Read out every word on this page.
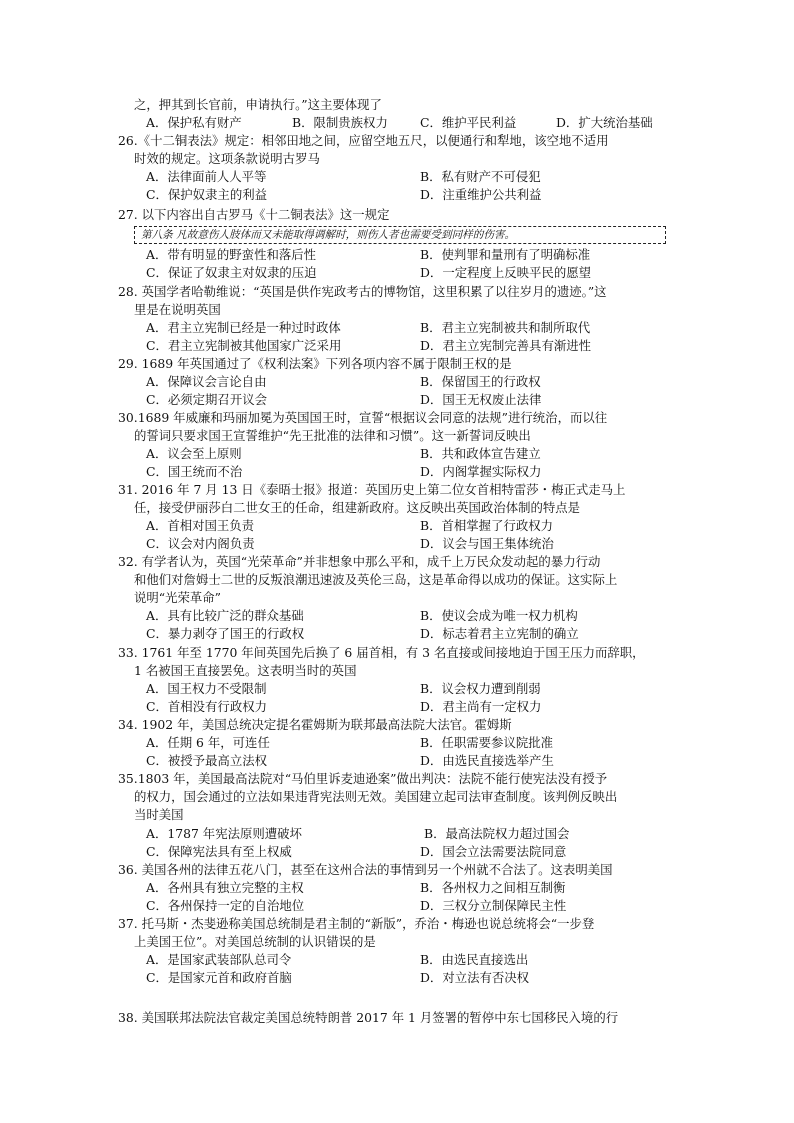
之，押其到长官前，申请执行。”这主要体现了
A．保护私有财产	B．限制贵族权力	C．维护平民利益	D．扩大统治基础
26.《十二铜表法》规定：相邻田地之间，应留空地五尺，以便通行和犁地，该空地不适用
时效的规定。这项条款说明古罗马
A．法律面前人人平等	B．私有财产不可侵犯
C．保护奴隶主的利益	D．注重维护公共利益
27. 以下内容出自古罗马《十二铜表法》这一规定
第八条 凡故意伤人肢体而又未能取得调解时，则伤人者也需要受到同样的伤害。
A．带有明显的野蛮性和落后性	B．使判罪和量刑有了明确标准
C．保证了奴隶主对奴隶的压迫	D．一定程度上反映平民的愿望
28. 英国学者哈勒维说：“英国是供作宪政考古的博物馆，这里积累了以往岁月的遗迹。”这
里是在说明英国
A．君主立宪制已经是一种过时政体	B．君主立宪制被共和制所取代
C．君主立宪制被其他国家广泛采用	D．君主立宪制完善具有渐进性
29. 1689 年英国通过了《权利法案》下列各项内容不属于限制王权的是
A．保障议会言论自由	B．保留国王的行政权
C．必须定期召开议会	D．国王无权废止法律
30.1689 年威廉和玛丽加冕为英国国王时，宣誓“根据议会同意的法规”进行统治，而以往
的誓词只要求国王宣誓维护“先王批准的法律和习惯”。这一新誓词反映出
A．议会至上原则	B．共和政体宣告建立
C．国王统而不治	D．内阁掌握实际权力
31. 2016 年 7 月 13 日《泰晤士报》报道：英国历史上第二位女首相特雷莎・梅正式走马上
任，接受伊丽莎白二世女王的任命，组建新政府。这反映出英国政治体制的特点是
A．首相对国王负责	B．首相掌握了行政权力
C．议会对内阁负责	D．议会与国王集体统治
32. 有学者认为，英国“光荣革命”并非想象中那么平和，成千上万民众发动起的暴力行动
和他们对詹姆士二世的反叛浪潮迅速波及英伦三岛，这是革命得以成功的保证。这实际上
说明“光荣革命”
A．具有比较广泛的群众基础	B．使议会成为唯一权力机构
C．暴力剥夺了国王的行政权	D．标志着君主立宪制的确立
33. 1761 年至 1770 年间英国先后换了 6 届首相，有 3 名直接或间接地迫于国王压力而辞职，
1 名被国王直接罢免。这表明当时的英国
A．国王权力不受限制	B．议会权力遭到削弱
C．首相没有行政权力	D．君主尚有一定权力
34. 1902 年，美国总统决定提名霍姆斯为联邦最高法院大法官。霍姆斯
A．任期 6 年，可连任	B．任职需要参议院批准
C．被授予最高立法权	D．由选民直接选举产生
35.1803 年，美国最高法院对“马伯里诉麦迪逊案”做出判决：法院不能行使宪法没有授予
的权力，国会通过的立法如果违背宪法则无效。美国建立起司法审查制度。该判例反映出
当时美国
A．1787 年宪法原则遭破坏	B．最高法院权力超过国会
C．保障宪法具有至上权威	D．国会立法需要法院同意
36. 美国各州的法律五花八门，甚至在这州合法的事情到另一个州就不合法了。这表明美国
A．各州具有独立完整的主权	B．各州权力之间相互制衡
C．各州保持一定的自治地位	D．三权分立制保障民主性
37. 托马斯・杰斐逊称美国总统制是君主制的“新版”，乔治・梅逊也说总统将会“一步登
上美国王位”。对美国总统制的认识错误的是
A．是国家武装部队总司令	B．由选民直接选出
C．是国家元首和政府首脑	D．对立法有否决权
38. 美国联邦法院法官裁定美国总统特朗普 2017 年 1 月签署的暂停中东七国移民入境的行
